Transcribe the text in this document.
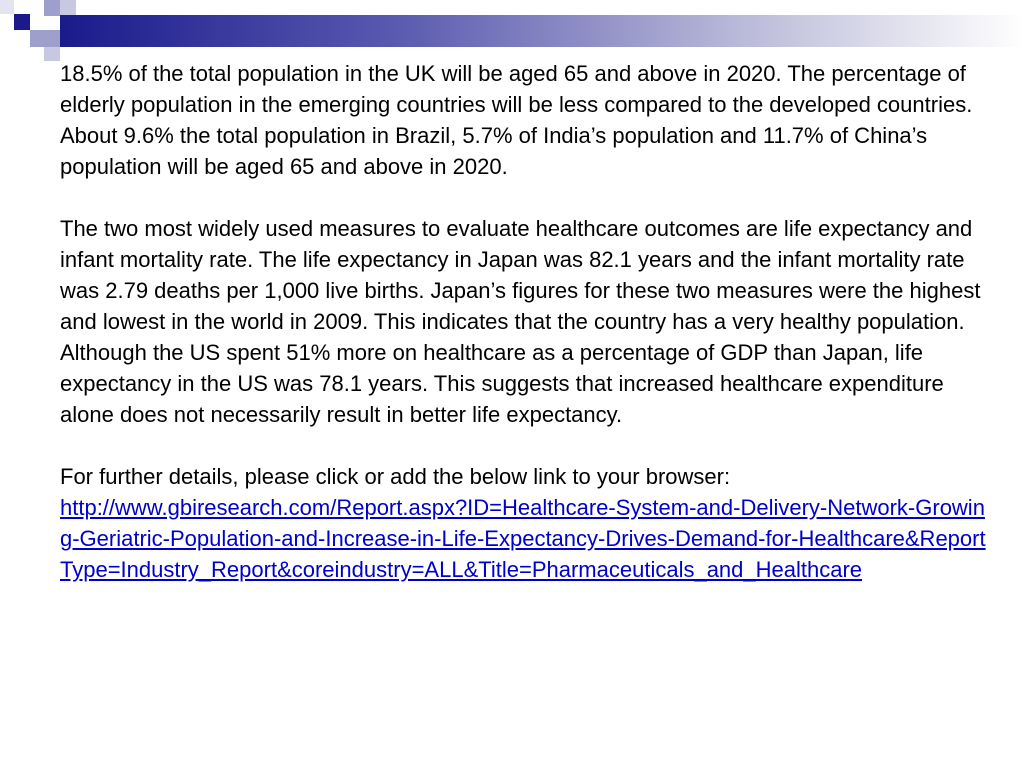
18.5% of the total population in the UK will be aged 65 and above in 2020. The percentage of elderly population in the emerging countries will be less compared to the developed countries. About 9.6% the total population in Brazil, 5.7% of India’s population and 11.7% of China’s population will be aged 65 and above in 2020.

The two most widely used measures to evaluate healthcare outcomes are life expectancy and infant mortality rate. The life expectancy in Japan was 82.1 years and the infant mortality rate was 2.79 deaths per 1,000 live births. Japan’s figures for these two measures were the highest and lowest in the world in 2009. This indicates that the country has a very healthy population. Although the US spent 51% more on healthcare as a percentage of GDP than Japan, life expectancy in the US was 78.1 years. This suggests that increased healthcare expenditure alone does not necessarily result in better life expectancy.

For further details, please click or add the below link to your browser:
http://www.gbiresearch.com/Report.aspx?ID=Healthcare-System-and-Delivery-Network-Growing-Geriatric-Population-and-Increase-in-Life-Expectancy-Drives-Demand-for-Healthcare&ReportType=Industry_Report&coreindustry=ALL&Title=Pharmaceuticals_and_Healthcare
